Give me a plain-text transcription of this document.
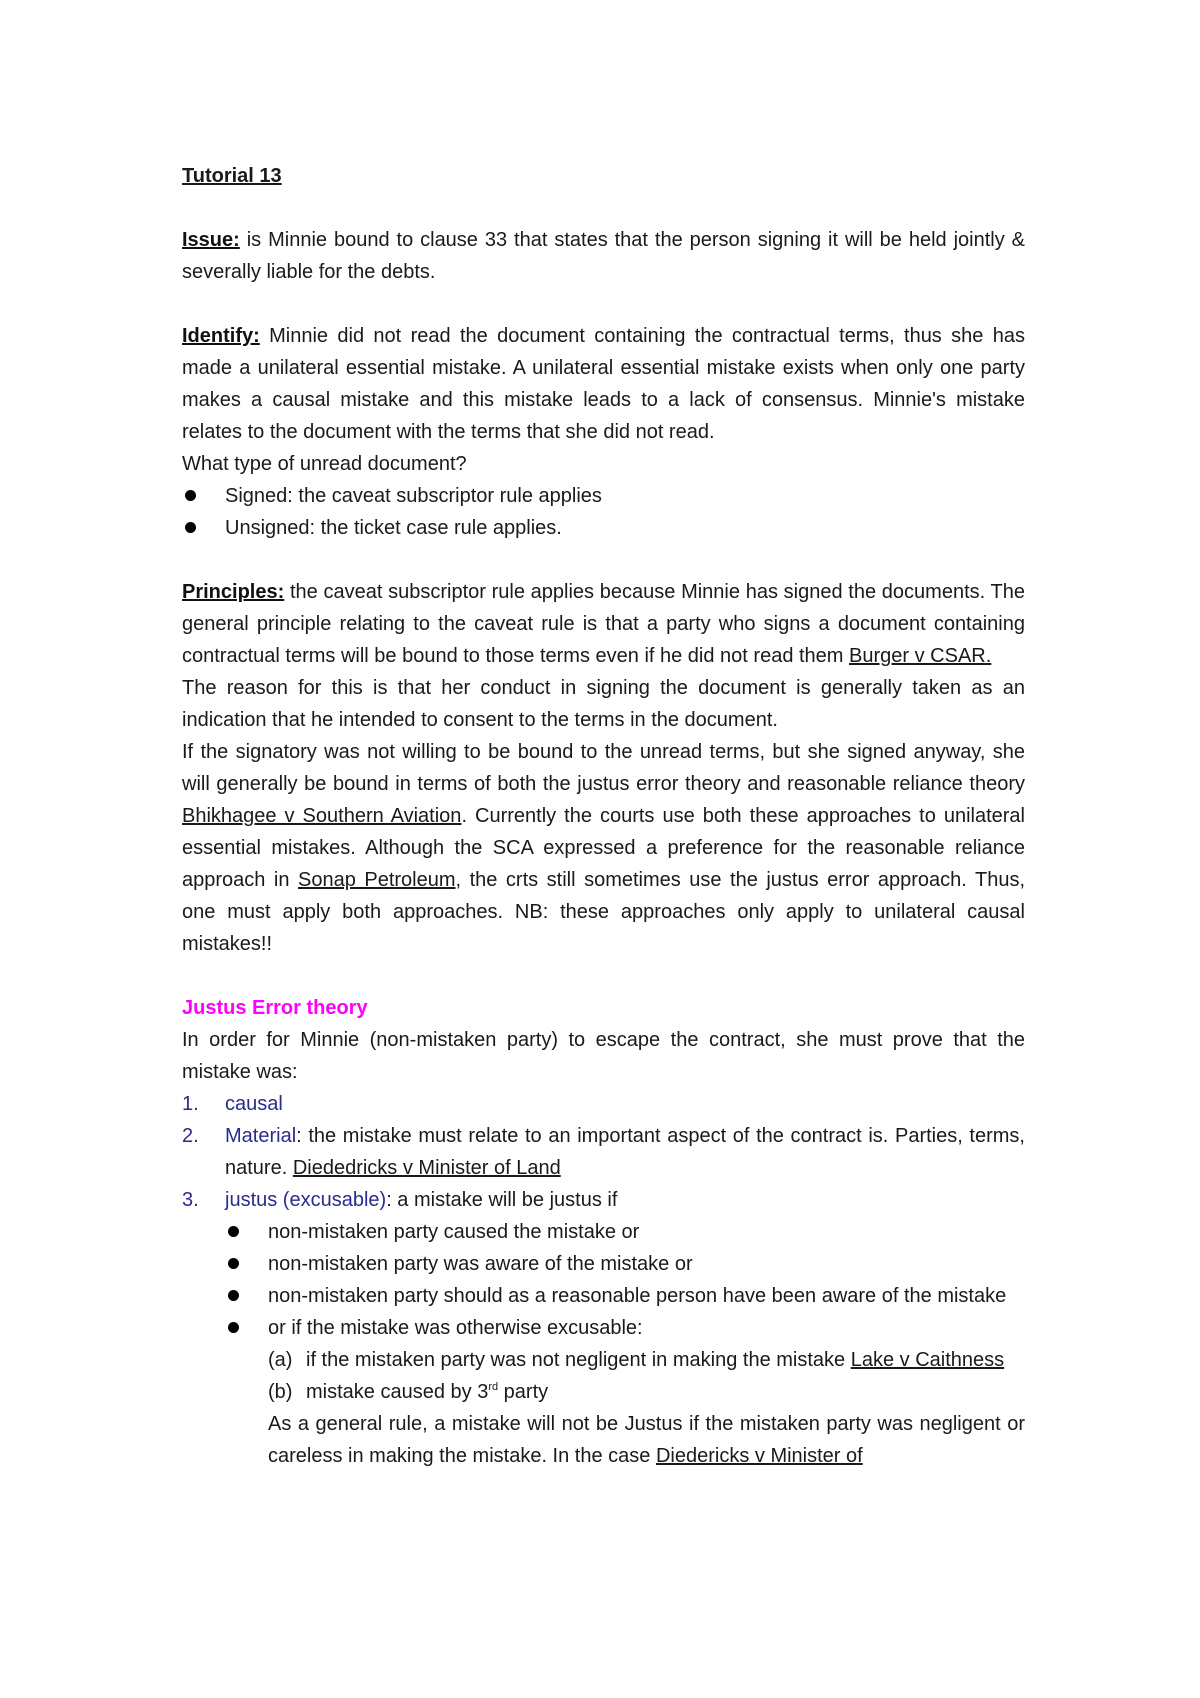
Tutorial 13

Issue: is Minnie bound to clause 33 that states that the person signing it will be held jointly & severally liable for the debts.

Identify: Minnie did not read the document containing the contractual terms, thus she has made a unilateral essential mistake. A unilateral essential mistake exists when only one party makes a causal mistake and this mistake leads to a lack of consensus. Minnie's mistake relates to the document with the terms that she did not read.

What type of unread document?

Signed: the caveat subscriptor rule applies
Unsigned: the ticket case rule applies.

Principles: the caveat subscriptor rule applies because Minnie has signed the documents. The general principle relating to the caveat rule is that a party who signs a document containing contractual terms will be bound to those terms even if he did not read them Burger v CSAR.

The reason for this is that her conduct in signing the document is generally taken as an indication that he intended to consent to the terms in the document.

If the signatory was not willing to be bound to the unread terms, but she signed anyway, she will generally be bound in terms of both the justus error theory and reasonable reliance theory Bhikhagee v Southern Aviation. Currently the courts use both these approaches to unilateral essential mistakes. Although the SCA expressed a preference for the reasonable reliance approach in Sonap Petroleum, the crts still sometimes use the justus error approach. Thus, one must apply both approaches. NB: these approaches only apply to unilateral causal mistakes!!

Justus Error theory

In order for Minnie (non-mistaken party) to escape the contract, she must prove that the mistake was:

1. causal
2. Material: the mistake must relate to an important aspect of the contract is. Parties, terms, nature. Diededricks v Minister of Land
3. justus (excusable): a mistake will be justus if
non-mistaken party caused the mistake or
non-mistaken party was aware of the mistake or
non-mistaken party should as a reasonable person have been aware of the mistake
or if the mistake was otherwise excusable:

(a) if the mistaken party was not negligent in making the mistake Lake v Caithness

(b) mistake caused by 3rd party

As a general rule, a mistake will not be Justus if the mistaken party was negligent or careless in making the mistake. In the case Diedericks v Minister of
